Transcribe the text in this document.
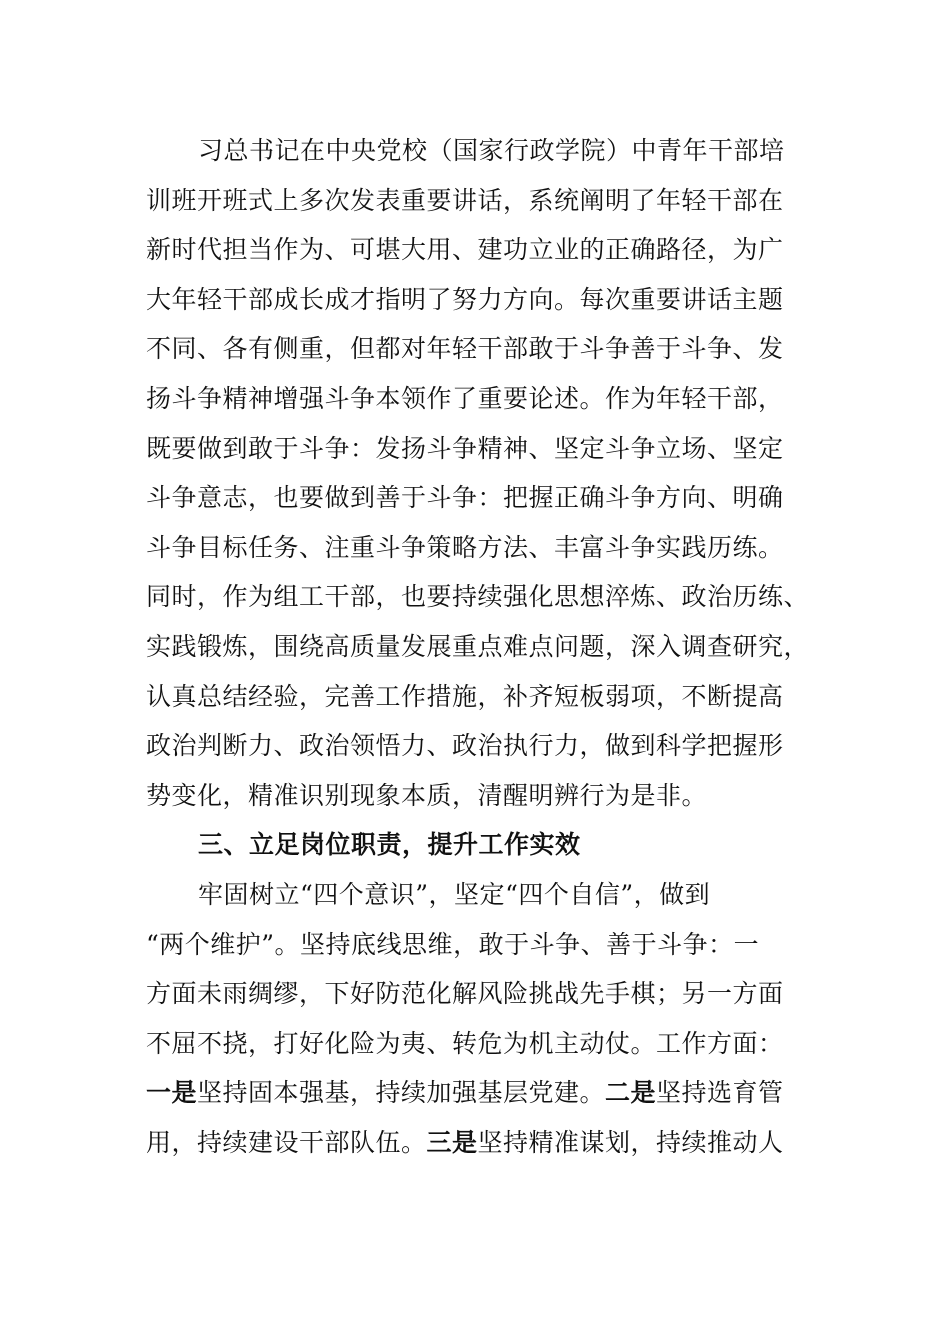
习总书记在中央党校（国家行政学院）中青年干部培
训班开班式上多次发表重要讲话，系统阐明了年轻干部在
新时代担当作为、可堪大用、建功立业的正确路径，为广
大年轻干部成长成才指明了努力方向。每次重要讲话主题
不同、各有侧重，但都对年轻干部敢于斗争善于斗争、发
扬斗争精神增强斗争本领作了重要论述。作为年轻干部，
既要做到敢于斗争：发扬斗争精神、坚定斗争立场、坚定
斗争意志，也要做到善于斗争：把握正确斗争方向、明确
斗争目标任务、注重斗争策略方法、丰富斗争实践历练。
同时，作为组工干部，也要持续强化思想淬炼、政治历练、
实践锻炼，围绕高质量发展重点难点问题，深入调查研究，
认真总结经验，完善工作措施，补齐短板弱项，不断提高
政治判断力、政治领悟力、政治执行力，做到科学把握形
势变化，精准识别现象本质，清醒明辨行为是非。
三、立足岗位职责，提升工作实效
牢固树立“四个意识”，坚定“四个自信”，做到
“两个维护”。坚持底线思维，敢于斗争、善于斗争：一
方面未雨绸缪，下好防范化解风险挑战先手棋；另一方面
不屈不挠，打好化险为夷、转危为机主动仗。工作方面：
一是坚持固本强基，持续加强基层党建。二是坚持选育管
用，持续建设干部队伍。三是坚持精准谋划，持续推动人
